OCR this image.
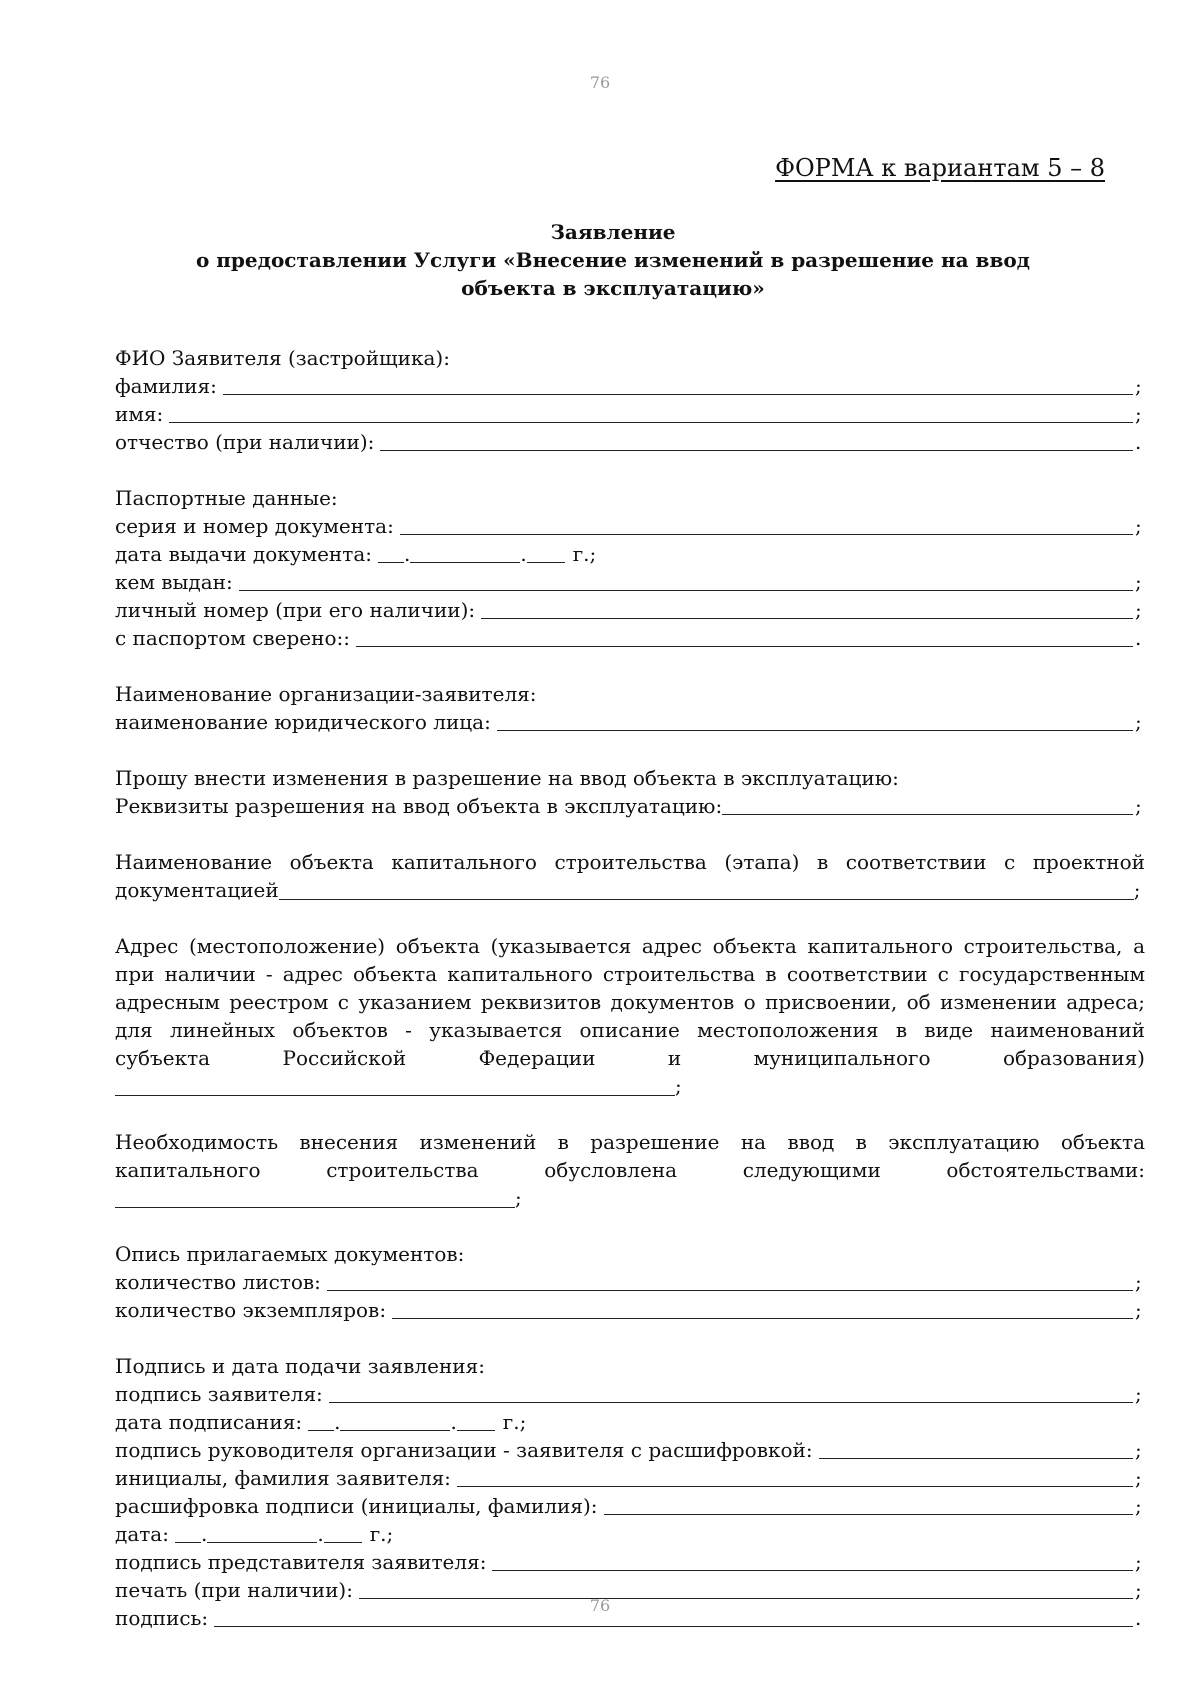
76
ФОРМА к вариантам 5 – 8
Заявление
о предоставлении Услуги «Внесение изменений в разрешение на ввод объекта в эксплуатацию»
ФИО Заявителя (застройщика):
фамилия:	;
имя:	;
отчество (при наличии):	.
Паспортные данные:
серия и номер документа:	;
дата выдачи документа: .	. г.;
кем выдан:	;
личный номер (при его наличии):	;
с паспортом сверено::	.
Наименование организации-заявителя:
наименование юридического лица:	;
Прошу внести изменения в разрешение на ввод объекта в эксплуатацию:
Реквизиты разрешения на ввод объекта в эксплуатацию:	;
Наименование объекта капитального строительства (этапа) в соответствии с проектной документацией	;
Адрес (местоположение) объекта (указывается адрес объекта капитального строительства, а при наличии - адрес объекта капитального строительства в соответствии с государственным адресным реестром с указанием реквизитов документов о присвоении, об изменении адреса; для линейных объектов - указывается описание местоположения в виде наименований субъекта Российской Федерации и муниципального образования);
Необходимость внесения изменений в разрешение на ввод в эксплуатацию объекта капитального строительства обусловлена следующими обстоятельствами:;
Опись прилагаемых документов:
количество листов:	;
количество экземпляров:	;
Подпись и дата подачи заявления:
подпись заявителя:	;
дата подписания: .	. г.;
подпись руководителя организации - заявителя с расшифровкой:	;
инициалы, фамилия заявителя:	;
расшифровка подписи (инициалы, фамилия):	;
дата: .	. г.;
подпись представителя заявителя:	;
печать (при наличии):	;
подпись:	.
76
